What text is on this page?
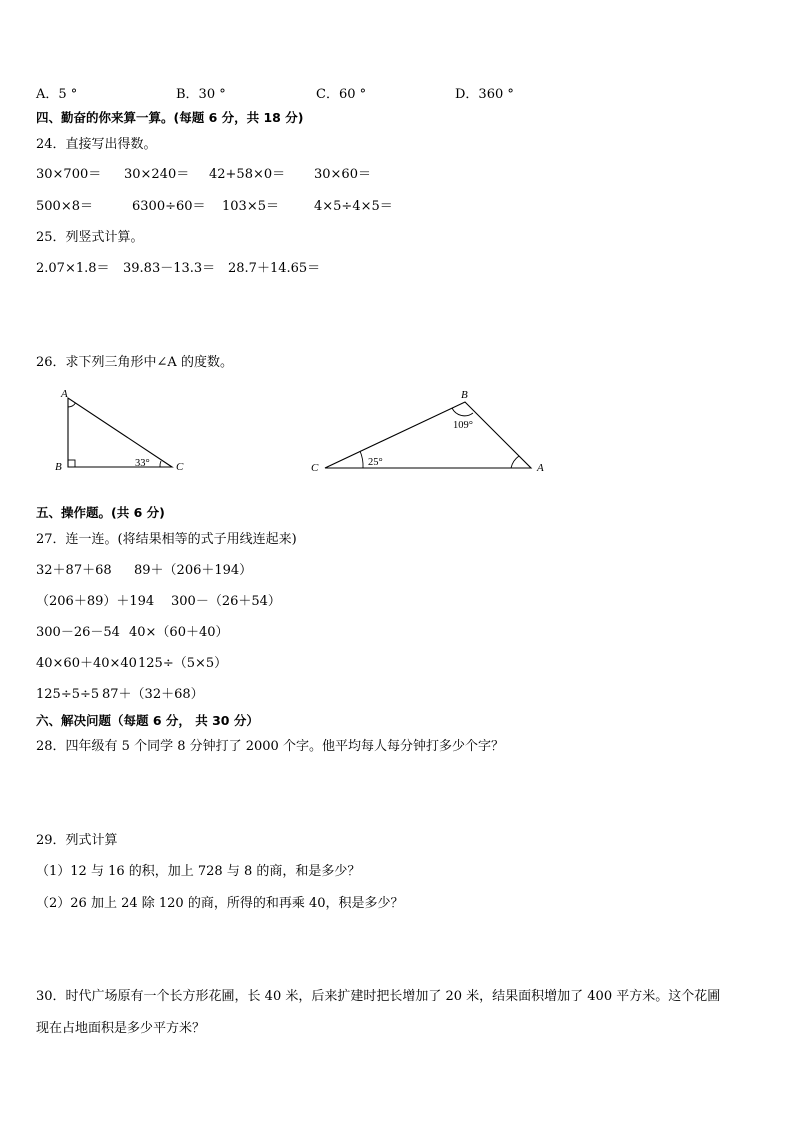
A．5 °	B．30 °	C．60 °	D．360 °
四、勤奋的你来算一算。(每题 6 分，共 18 分)
24．直接写出得数。
30×700＝ 30×240＝ 42+58×0＝ 30×60＝
500×8＝	6300÷60＝ 103×5＝	4×5÷4×5＝
25．列竖式计算。
2.07×1.8＝ 39.83－13.3＝ 28.7＋14.65＝
26．求下列三角形中∠A 的度数。
A
B	C
33°
B
C	A
109°
25°
五、操作题。(共 6 分)
27．连一连。(将结果相等的式子用线连起来)
32＋87＋68 89＋（206＋194）
（206＋89）＋194 300－（26＋54）
300－26－54 40×（60＋40）
40×60＋40×40 125÷（5×5）
125÷5÷5 87＋（32＋68）
六、解决问题（每题 6 分， 共 30 分）
28．四年级有 5 个同学 8 分钟打了 2000 个字。他平均每人每分钟打多少个字？
29．列式计算
（1）12 与 16 的积，加上 728 与 8 的商，和是多少？
（2）26 加上 24 除 120 的商，所得的和再乘 40，积是多少？
30．时代广场原有一个长方形花圃，长 40 米，后来扩建时把长增加了 20 米，结果面积增加了 400 平方米。这个花圃
现在占地面积是多少平方米？
